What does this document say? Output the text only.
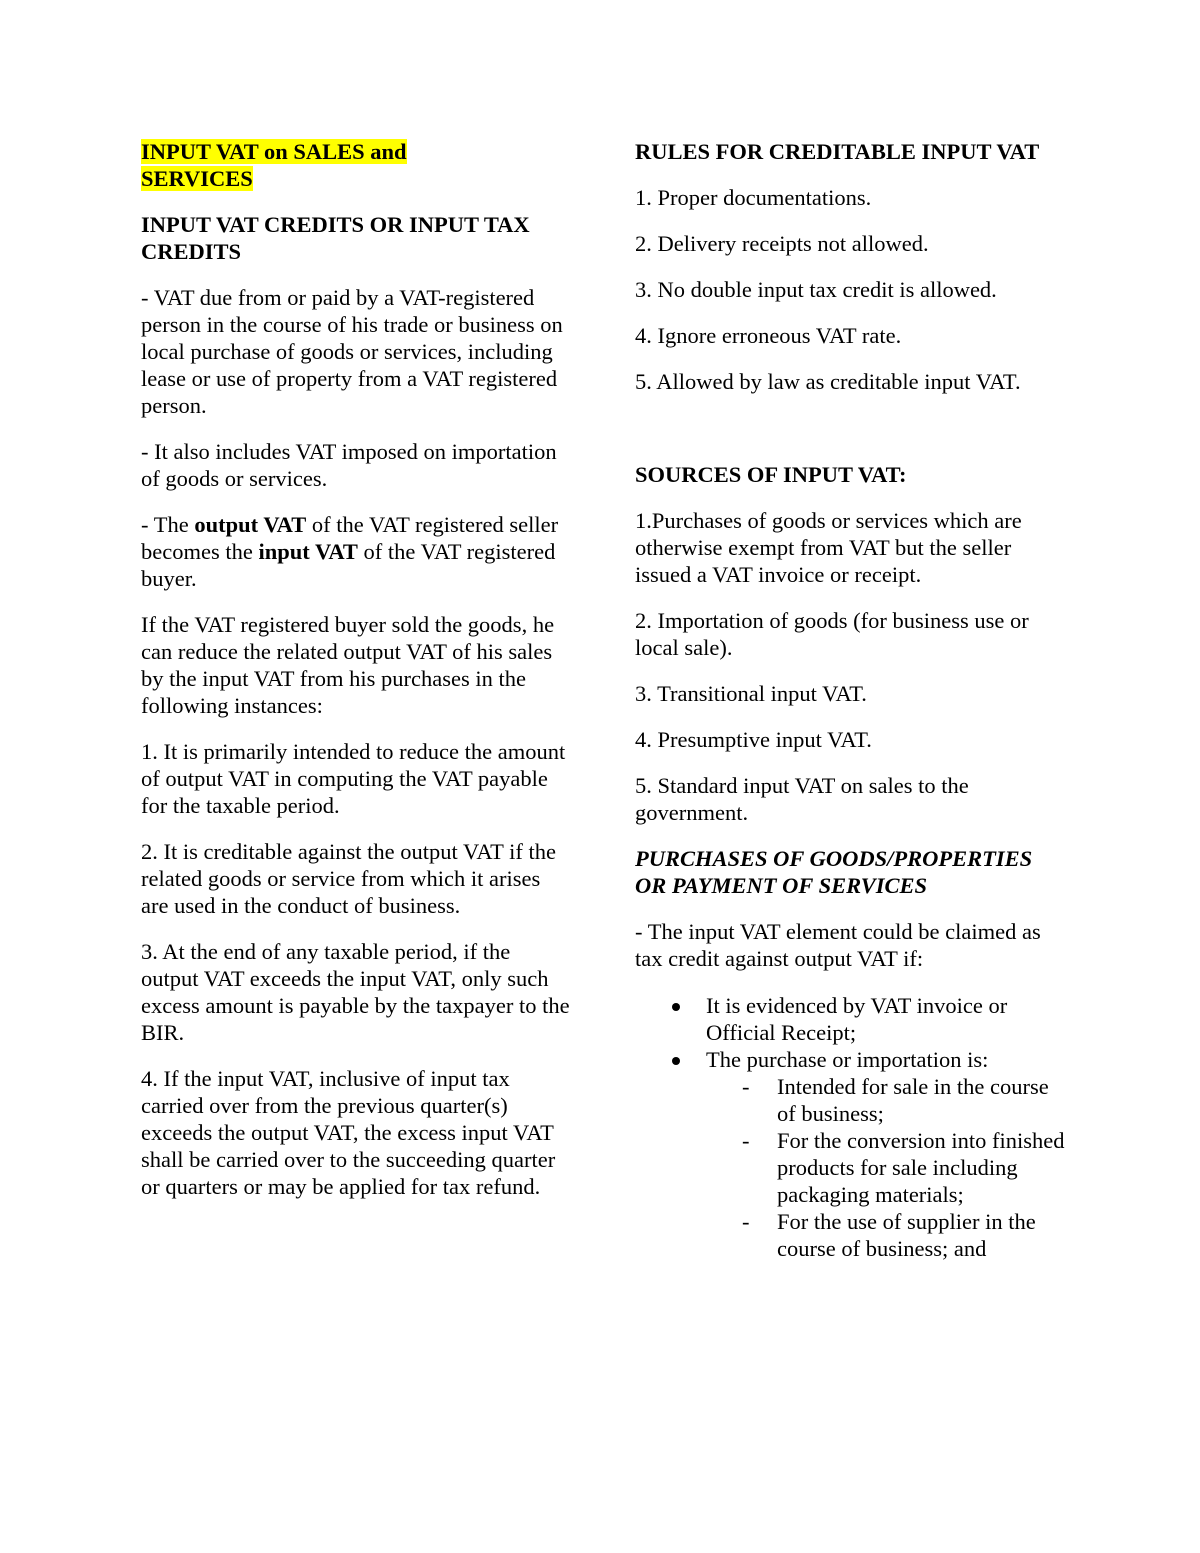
INPUT VAT on SALES and
SERVICES

INPUT VAT CREDITS OR INPUT TAX CREDITS

- VAT due from or paid by a VAT-registered person in the course of his trade or business on local purchase of goods or services, including lease or use of property from a VAT registered person.

- It also includes VAT imposed on importation of goods or services.

- The output VAT of the VAT registered seller becomes the input VAT of the VAT registered buyer.

If the VAT registered buyer sold the goods, he can reduce the related output VAT of his sales by the input VAT from his purchases in the following instances:

1. It is primarily intended to reduce the amount of output VAT in computing the VAT payable for the taxable period.

2. It is creditable against the output VAT if the related goods or service from which it arises are used in the conduct of business.

3. At the end of any taxable period, if the output VAT exceeds the input VAT, only such excess amount is payable by the taxpayer to the BIR.

4. If the input VAT, inclusive of input tax carried over from the previous quarter(s) exceeds the output VAT, the excess input VAT shall be carried over to the succeeding quarter or quarters or may be applied for tax refund.

RULES FOR CREDITABLE INPUT VAT

1. Proper documentations.

2. Delivery receipts not allowed.

3. No double input tax credit is allowed.

4. Ignore erroneous VAT rate.

5. Allowed by law as creditable input VAT.

SOURCES OF INPUT VAT:

1.Purchases of goods or services which are otherwise exempt from VAT but the seller issued a VAT invoice or receipt.

2. Importation of goods (for business use or local sale).

3. Transitional input VAT.

4. Presumptive input VAT.

5. Standard input VAT on sales to the government.

PURCHASES OF GOODS/PROPERTIES OR PAYMENT OF SERVICES

- The input VAT element could be claimed as tax credit against output VAT if:

It is evidenced by VAT invoice or Official Receipt;
The purchase or importation is:
- Intended for sale in the course of business;
- For the conversion into finished products for sale including packaging materials;
- For the use of supplier in the course of business; and
